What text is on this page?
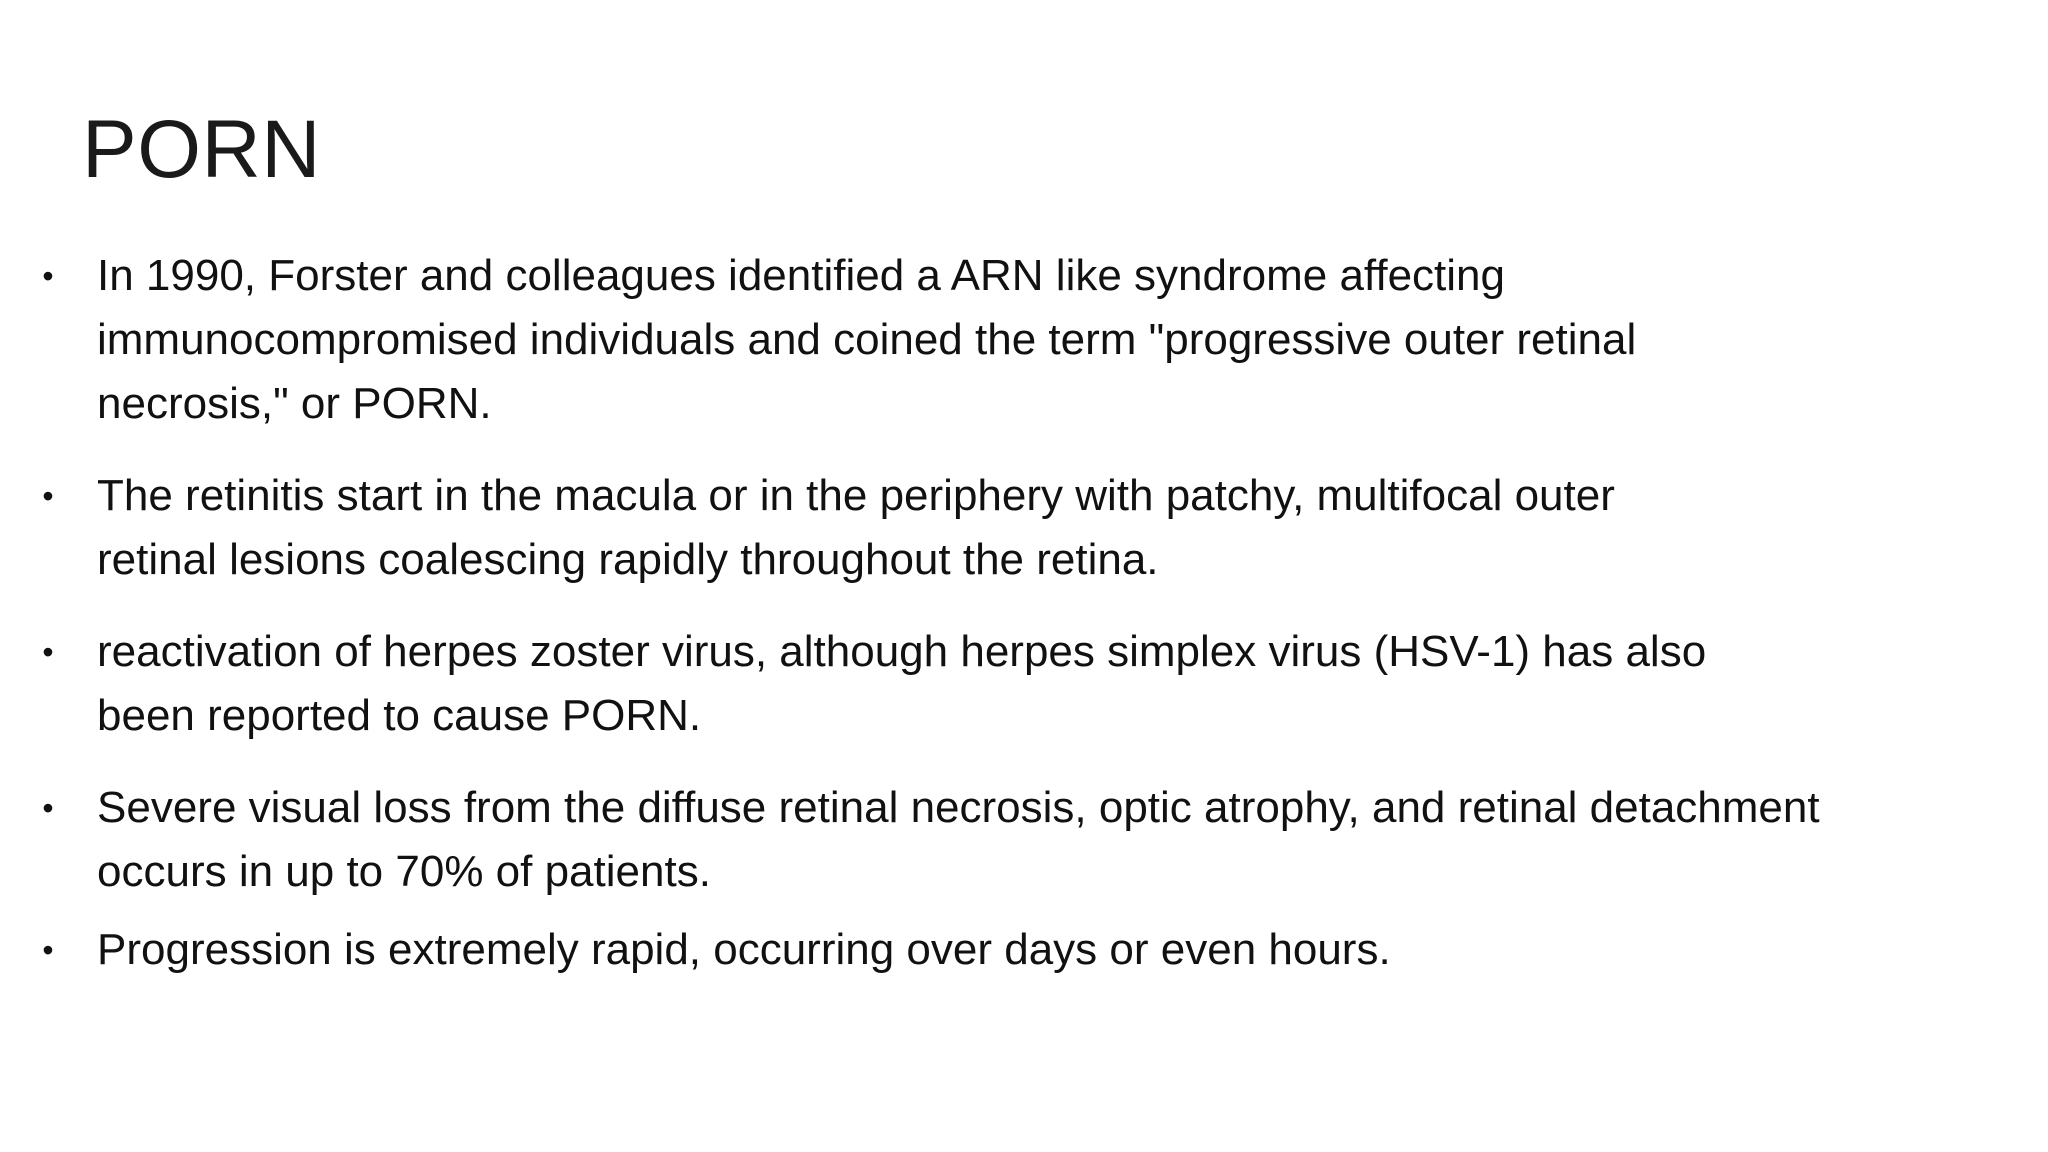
PORN
• In 1990, Forster and colleagues identified a ARN like syndrome affecting
immunocompromised individuals and coined the term "progressive outer retinal
necrosis," or PORN.
• The retinitis start in the macula or in the periphery with patchy, multifocal outer
retinal lesions coalescing rapidly throughout the retina.
• reactivation of herpes zoster virus, although herpes simplex virus (HSV-1) has also
been reported to cause PORN.
• Severe visual loss from the diffuse retinal necrosis, optic atrophy, and retinal detachment
occurs in up to 70% of patients.
• Progression is extremely rapid, occurring over days or even hours.
